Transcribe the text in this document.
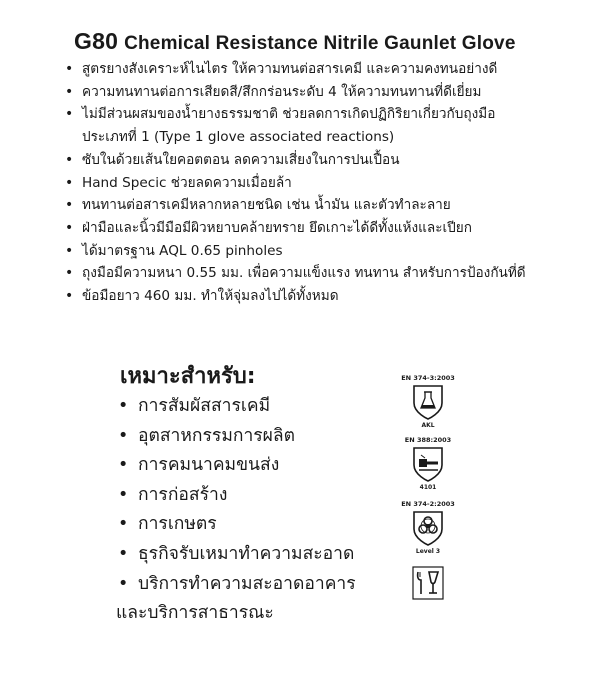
G80 Chemical Resistance Nitrile Gaunlet Glove
• สูตรยางสังเคราะห์ไนไตร ให้ความทนต่อสารเคมี และความคงทนอย่างดี
• ความทนทานต่อการเสียดสี/สึกกร่อนระดับ 4 ให้ความทนทานที่ดีเยี่ยม
• ไม่มีส่วนผสมของน้ำยางธรรมชาติ ช่วยลดการเกิดปฏิกิริยาเกี่ยวกับถุงมือ
ประเภทที่ 1 (Type 1 glove associated reactions)
• ซับในด้วยเส้นใยคอตตอน ลดความเสี่ยงในการปนเปื้อน
• Hand Specic ช่วยลดความเมื่อยล้า
• ทนทานต่อสารเคมีหลากหลายชนิด เช่น น้ำมัน และตัวทำละลาย
• ฝ่ามือและนิ้วมีมือมีผิวหยาบคล้ายทราย ยึดเกาะได้ดีทั้งแห้งและเปียก
• ได้มาตรฐาน AQL 0.65 pinholes
• ถุงมือมีความหนา 0.55 มม. เพื่อความแข็งแรง ทนทาน สำหรับการป้องกันที่ดี
• ข้อมือยาว 460 มม. ทำให้จุ่มลงไปได้ทั้งหมด
เหมาะสำหรับ:
• การสัมผัสสารเคมี
• อุตสาหกรรมการผลิต
• การคมนาคมขนส่ง
• การก่อสร้าง
• การเกษตร
• ธุรกิจรับเหมาทำความสะอาด
• บริการทำความสะอาดอาคาร
และบริการสาธารณะ
EN 374-3:2003
AKL
EN 388:2003
4101
EN 374-2:2003
Level 3
